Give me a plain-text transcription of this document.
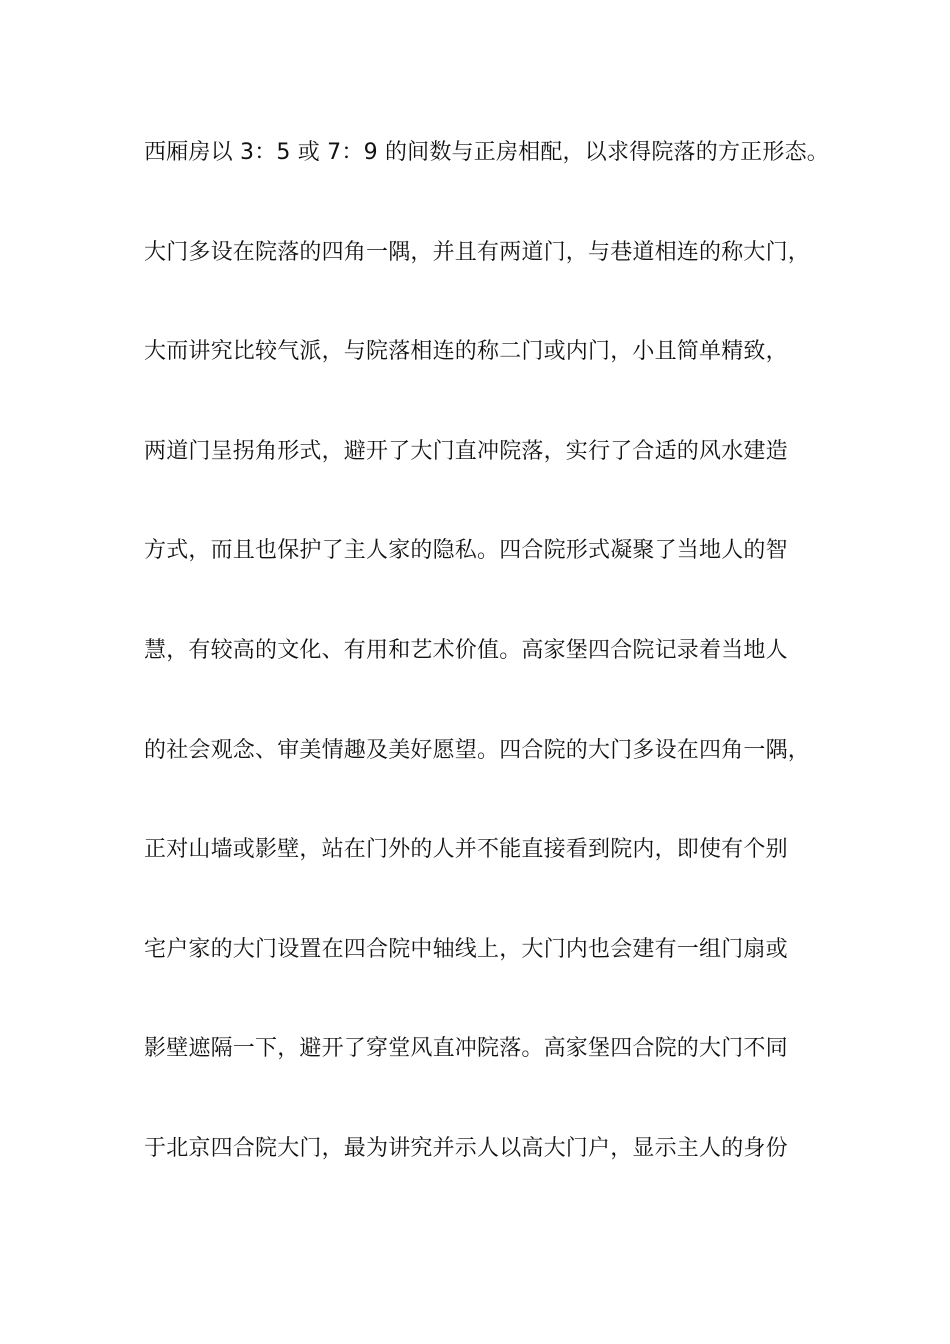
西厢房以 3：5 或 7：9 的间数与正房相配，以求得院落的方正形态。
大门多设在院落的四角一隅，并且有两道门，与巷道相连的称大门，
大而讲究比较气派，与院落相连的称二门或内门，小且简单精致，
两道门呈拐角形式，避开了大门直冲院落，实行了合适的风水建造
方式，而且也保护了主人家的隐私。四合院形式凝聚了当地人的智
慧，有较高的文化、有用和艺术价值。高家堡四合院记录着当地人
的社会观念、审美情趣及美好愿望。四合院的大门多设在四角一隅，
正对山墙或影壁，站在门外的人并不能直接看到院内，即使有个别
宅户家的大门设置在四合院中轴线上，大门内也会建有一组门扇或
影壁遮隔一下，避开了穿堂风直冲院落。高家堡四合院的大门不同
于北京四合院大门，最为讲究并示人以高大门户，显示主人的身份
